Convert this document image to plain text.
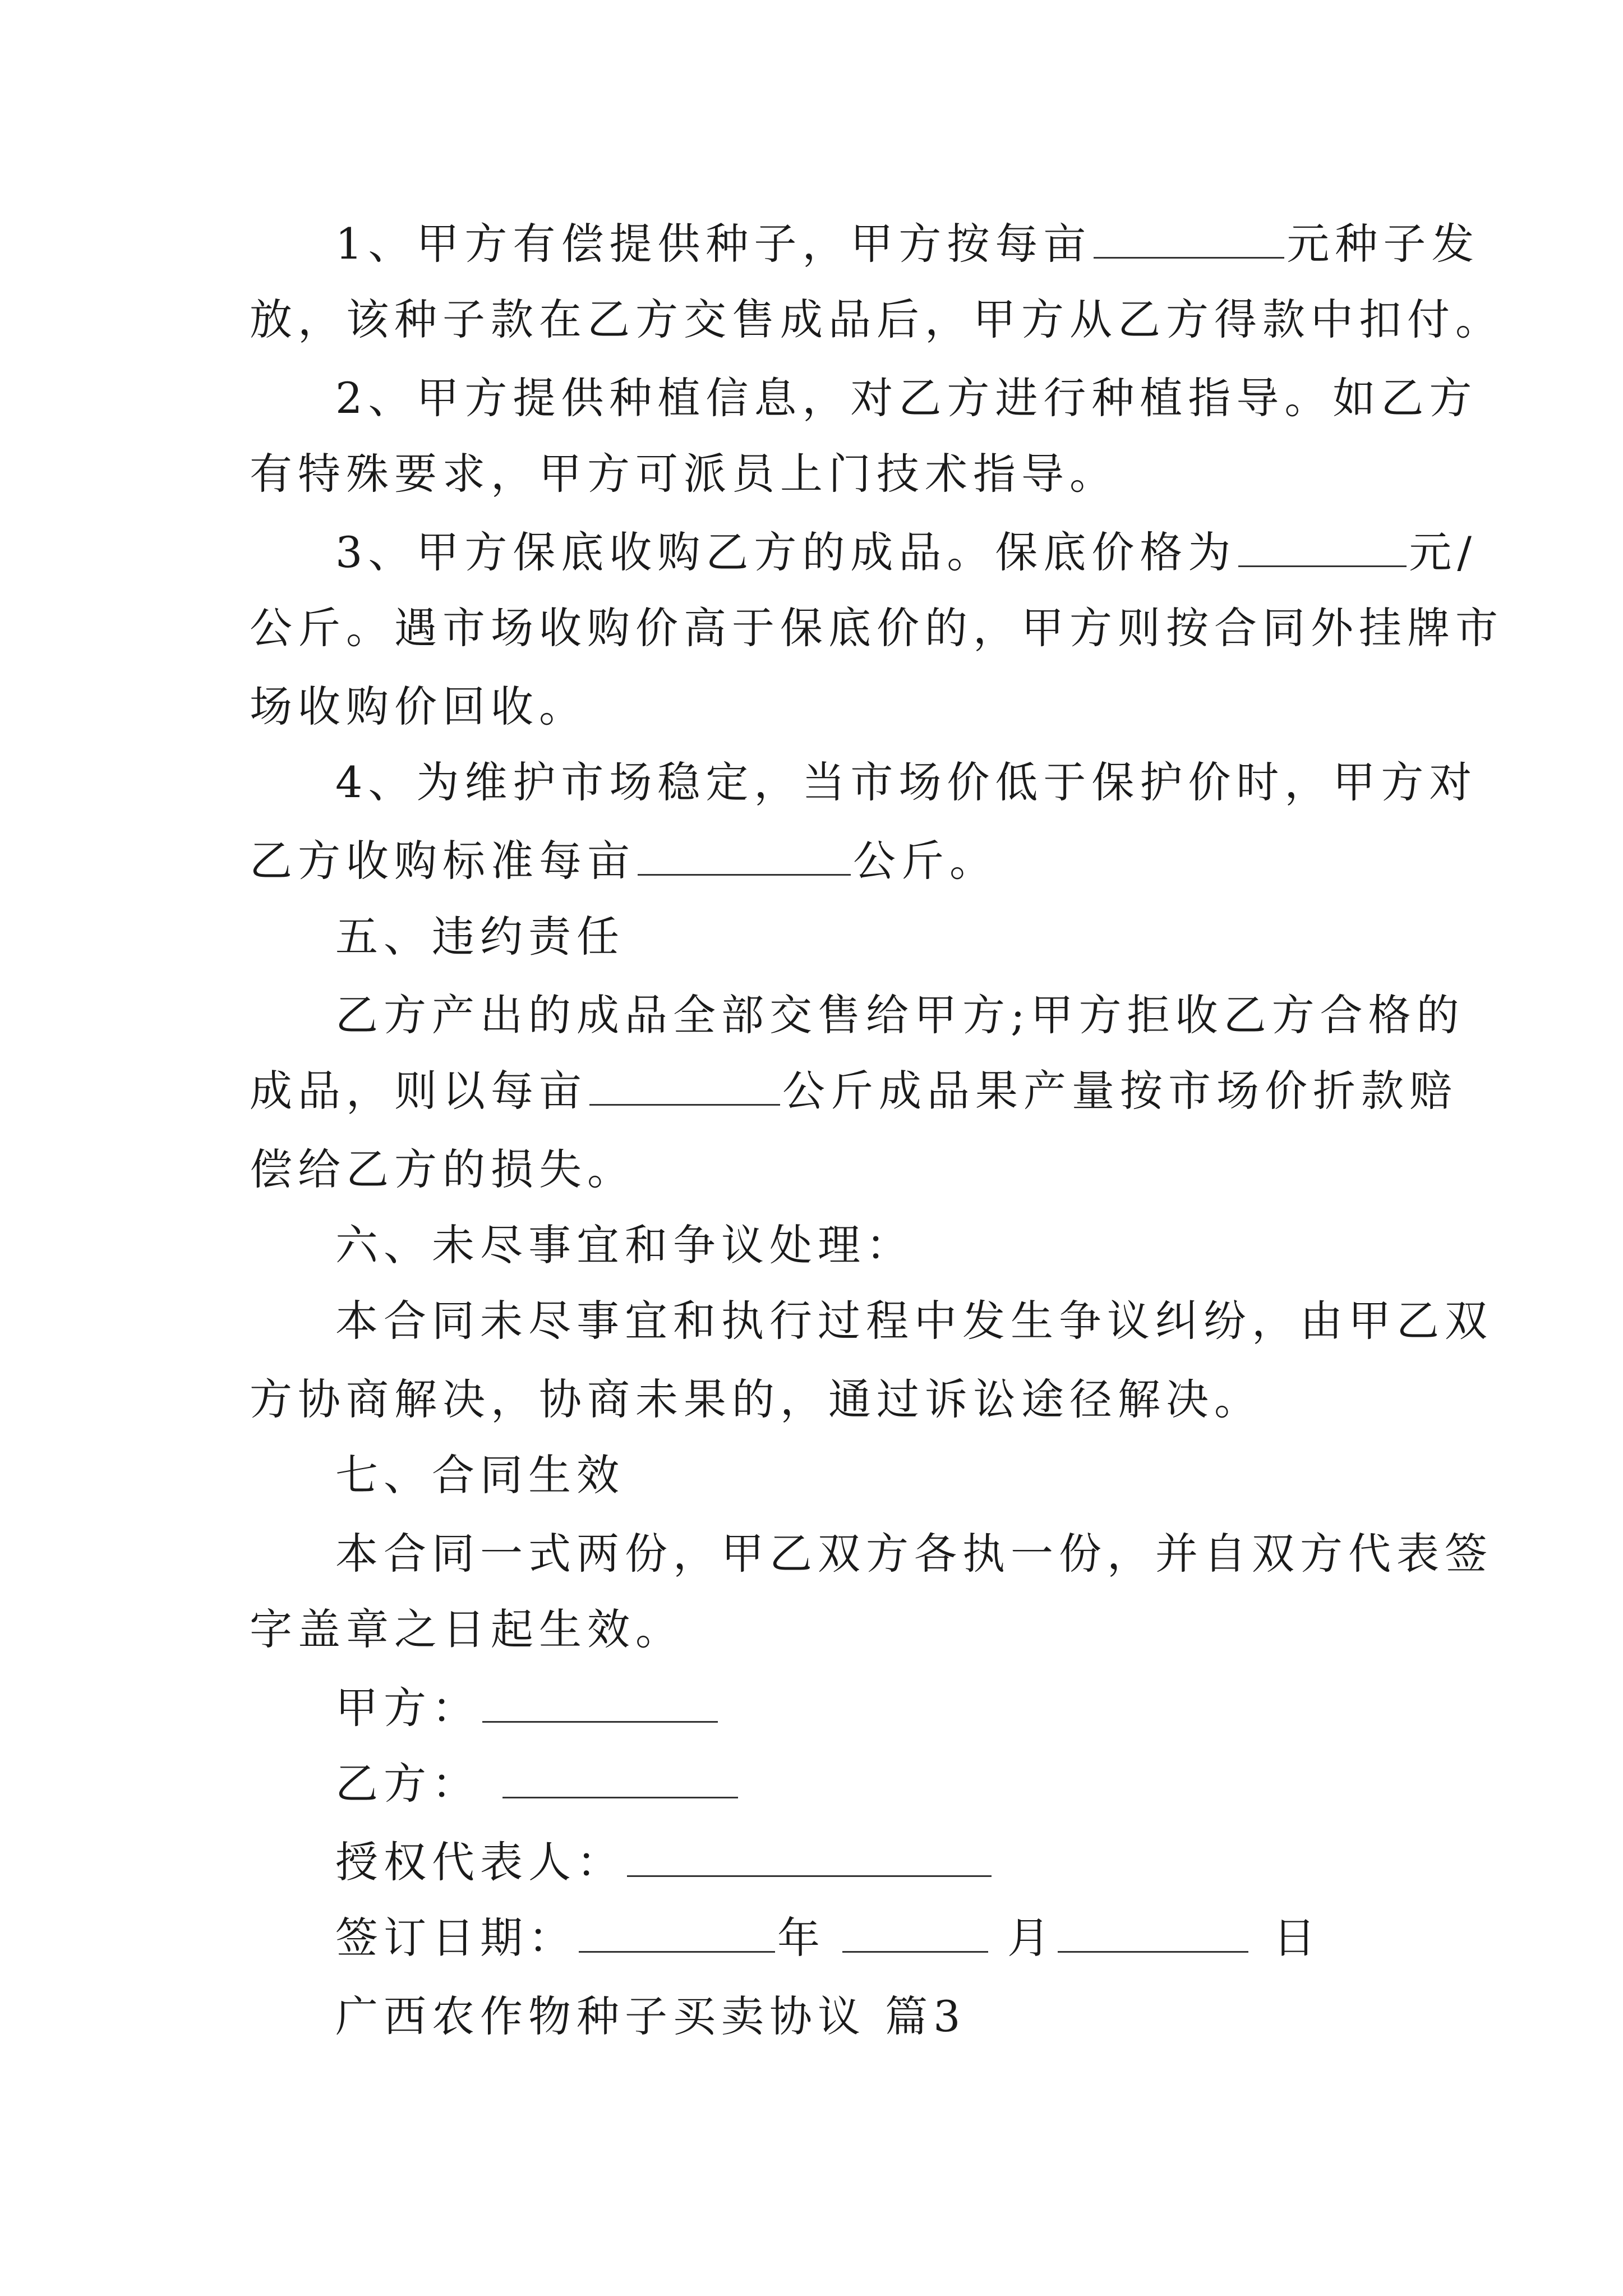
1、甲方有偿提供种子，甲方按每亩	元种子发
放，该种子款在乙方交售成品后，甲方从乙方得款中扣付。
2、甲方提供种植信息，对乙方进行种植指导。如乙方
有特殊要求，甲方可派员上门技术指导。
3、甲方保底收购乙方的成品。保底价格为	元/
公斤。遇市场收购价高于保底价的，甲方则按合同外挂牌市
场收购价回收。
4、为维护市场稳定，当市场价低于保护价时，甲方对
乙方收购标准每亩	公斤。
五、违约责任
乙方产出的成品全部交售给甲方;甲方拒收乙方合格的
成品，则以每亩	公斤成品果产量按市场价折款赔
偿给乙方的损失。
六、未尽事宜和争议处理：
本合同未尽事宜和执行过程中发生争议纠纷，由甲乙双
方协商解决，协商未果的，通过诉讼途径解决。
七、合同生效
本合同一式两份，甲乙双方各执一份，并自双方代表签
字盖章之日起生效。
甲方：
乙方：
授权代表人：
签订日期：	年	月	日
广西农作物种子买卖协议 篇3
